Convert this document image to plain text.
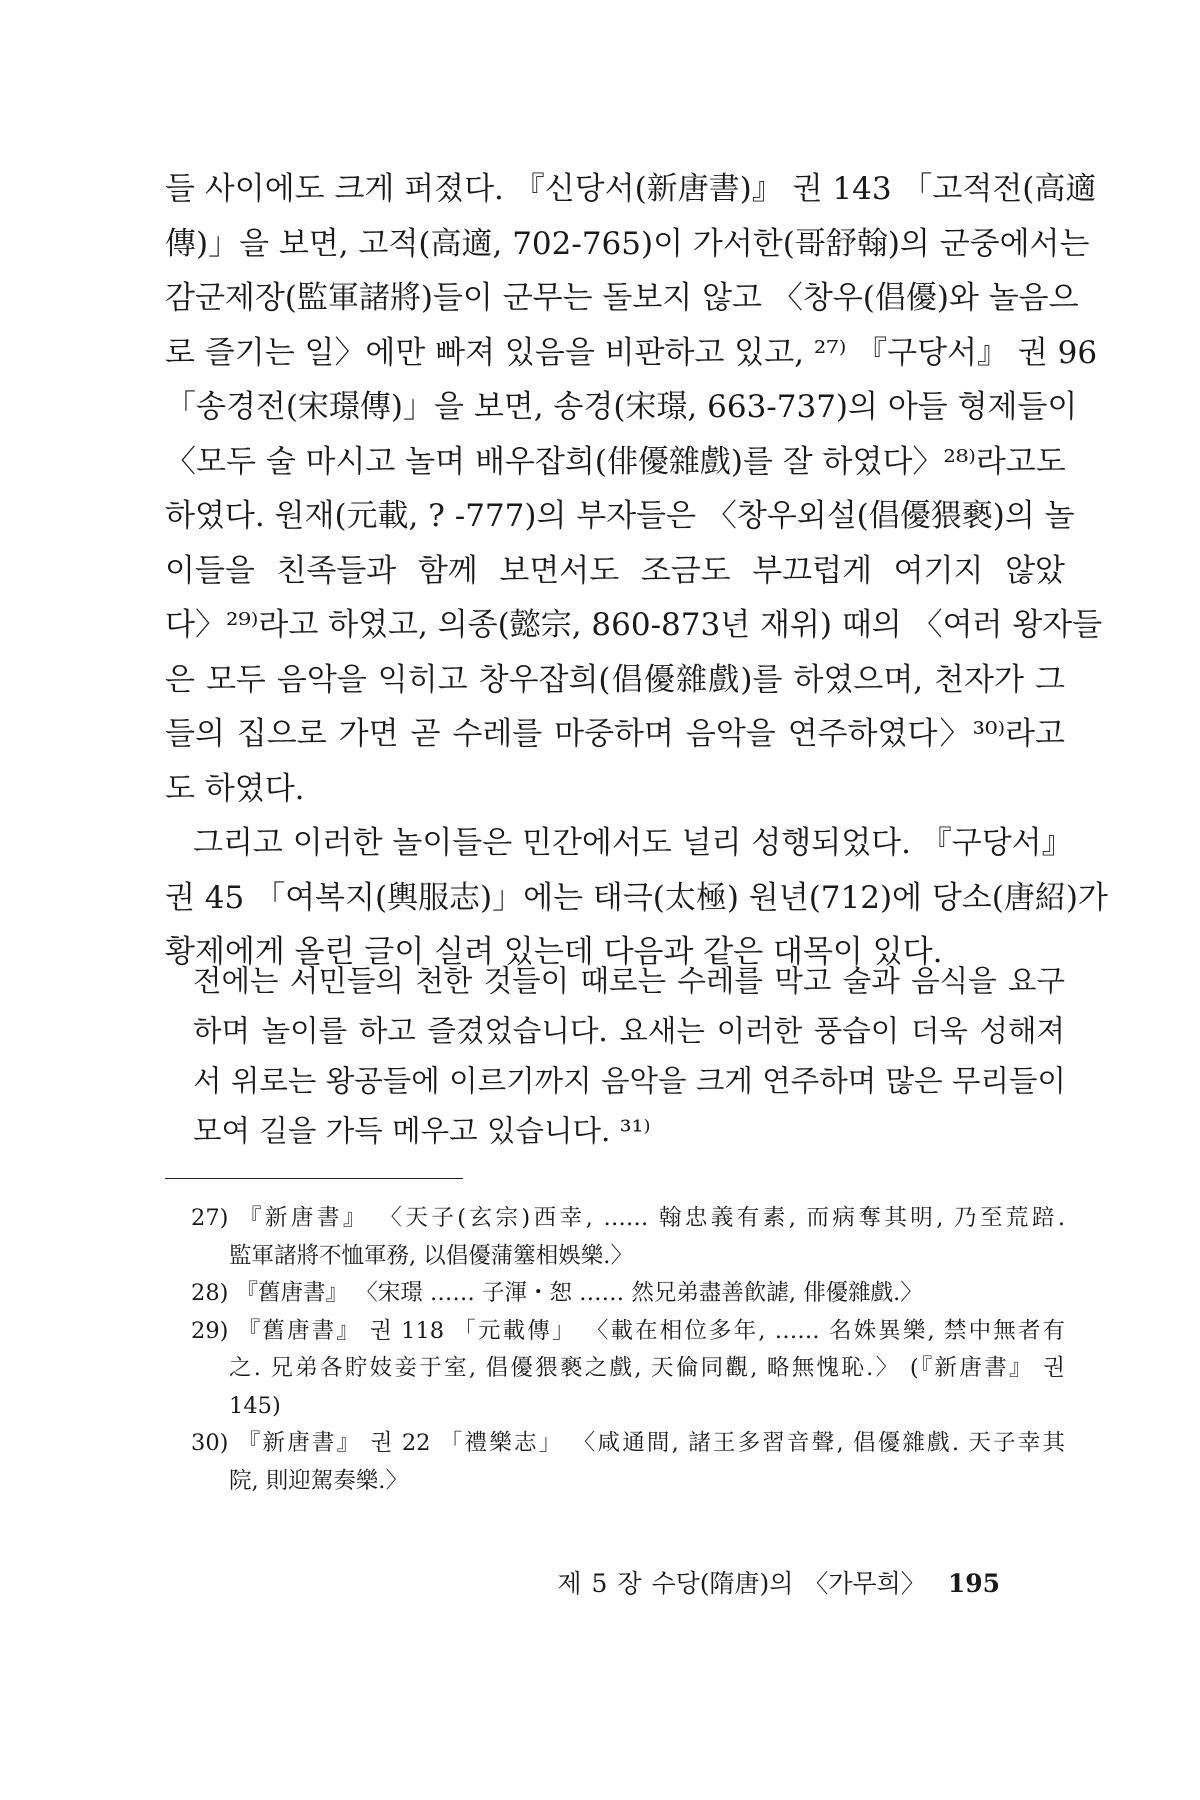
들 사이에도 크게 퍼졌다. 『신당서(新唐書)』 권 143 「고적전(高適
傳)」을 보면, 고적(高適, 702-765)이 가서한(哥舒翰)의 군중에서는
감군제장(監軍諸將)들이 군무는 돌보지 않고 〈창우(倡優)와 놀음으
로 즐기는 일〉에만 빠져 있음을 비판하고 있고, ²⁷⁾ 『구당서』 권 96
「송경전(宋璟傳)」을 보면, 송경(宋璟, 663-737)의 아들 형제들이
〈모두 술 마시고 놀며 배우잡희(俳優雜戲)를 잘 하였다〉²⁸⁾라고도
하였다. 원재(元載, ? -777)의 부자들은 〈창우외설(倡優猥褻)의 놀
이들을 친족들과 함께 보면서도 조금도 부끄럽게 여기지 않았
다〉²⁹⁾라고 하였고, 의종(懿宗, 860-873년 재위) 때의 〈여러 왕자들
은 모두 음악을 익히고 창우잡희(倡優雜戲)를 하였으며, 천자가 그
들의 집으로 가면 곧 수레를 마중하며 음악을 연주하였다〉³⁰⁾라고
도 하였다.
그리고 이러한 놀이들은 민간에서도 널리 성행되었다. 『구당서』
권 45 「여복지(輿服志)」에는 태극(太極) 원년(712)에 당소(唐紹)가
황제에게 올린 글이 실려 있는데 다음과 같은 대목이 있다.
전에는 서민들의 천한 것들이 때로는 수레를 막고 술과 음식을 요구
하며 놀이를 하고 즐겼었습니다. 요새는 이러한 풍습이 더욱 성해져
서 위로는 왕공들에 이르기까지 음악을 크게 연주하며 많은 무리들이
모여 길을 가득 메우고 있습니다. ³¹⁾
27) 『新唐書』 〈天子(玄宗)西幸, …… 翰忠義有素, 而病奪其明, 乃至荒踣.
監軍諸將不恤軍務, 以倡優蒲簺相娛樂.〉
28) 『舊唐書』 〈宋璟 …… 子渾・恕 …… 然兄弟盡善飮謔, 俳優雜戲.〉
29) 『舊唐書』 권 118 「元載傳」 〈載在相位多年, …… 名姝異樂, 禁中無者有
之. 兄弟各貯妓妾于室, 倡優猥褻之戲, 天倫同觀, 略無愧恥.〉 (『新唐書』 권
145)
30) 『新唐書』 권 22 「禮樂志」 〈咸通間, 諸王多習音聲, 倡優雜戲. 天子幸其
院, 則迎駕奏樂.〉
제 5 장 수당(隋唐)의 〈가무희〉 195
